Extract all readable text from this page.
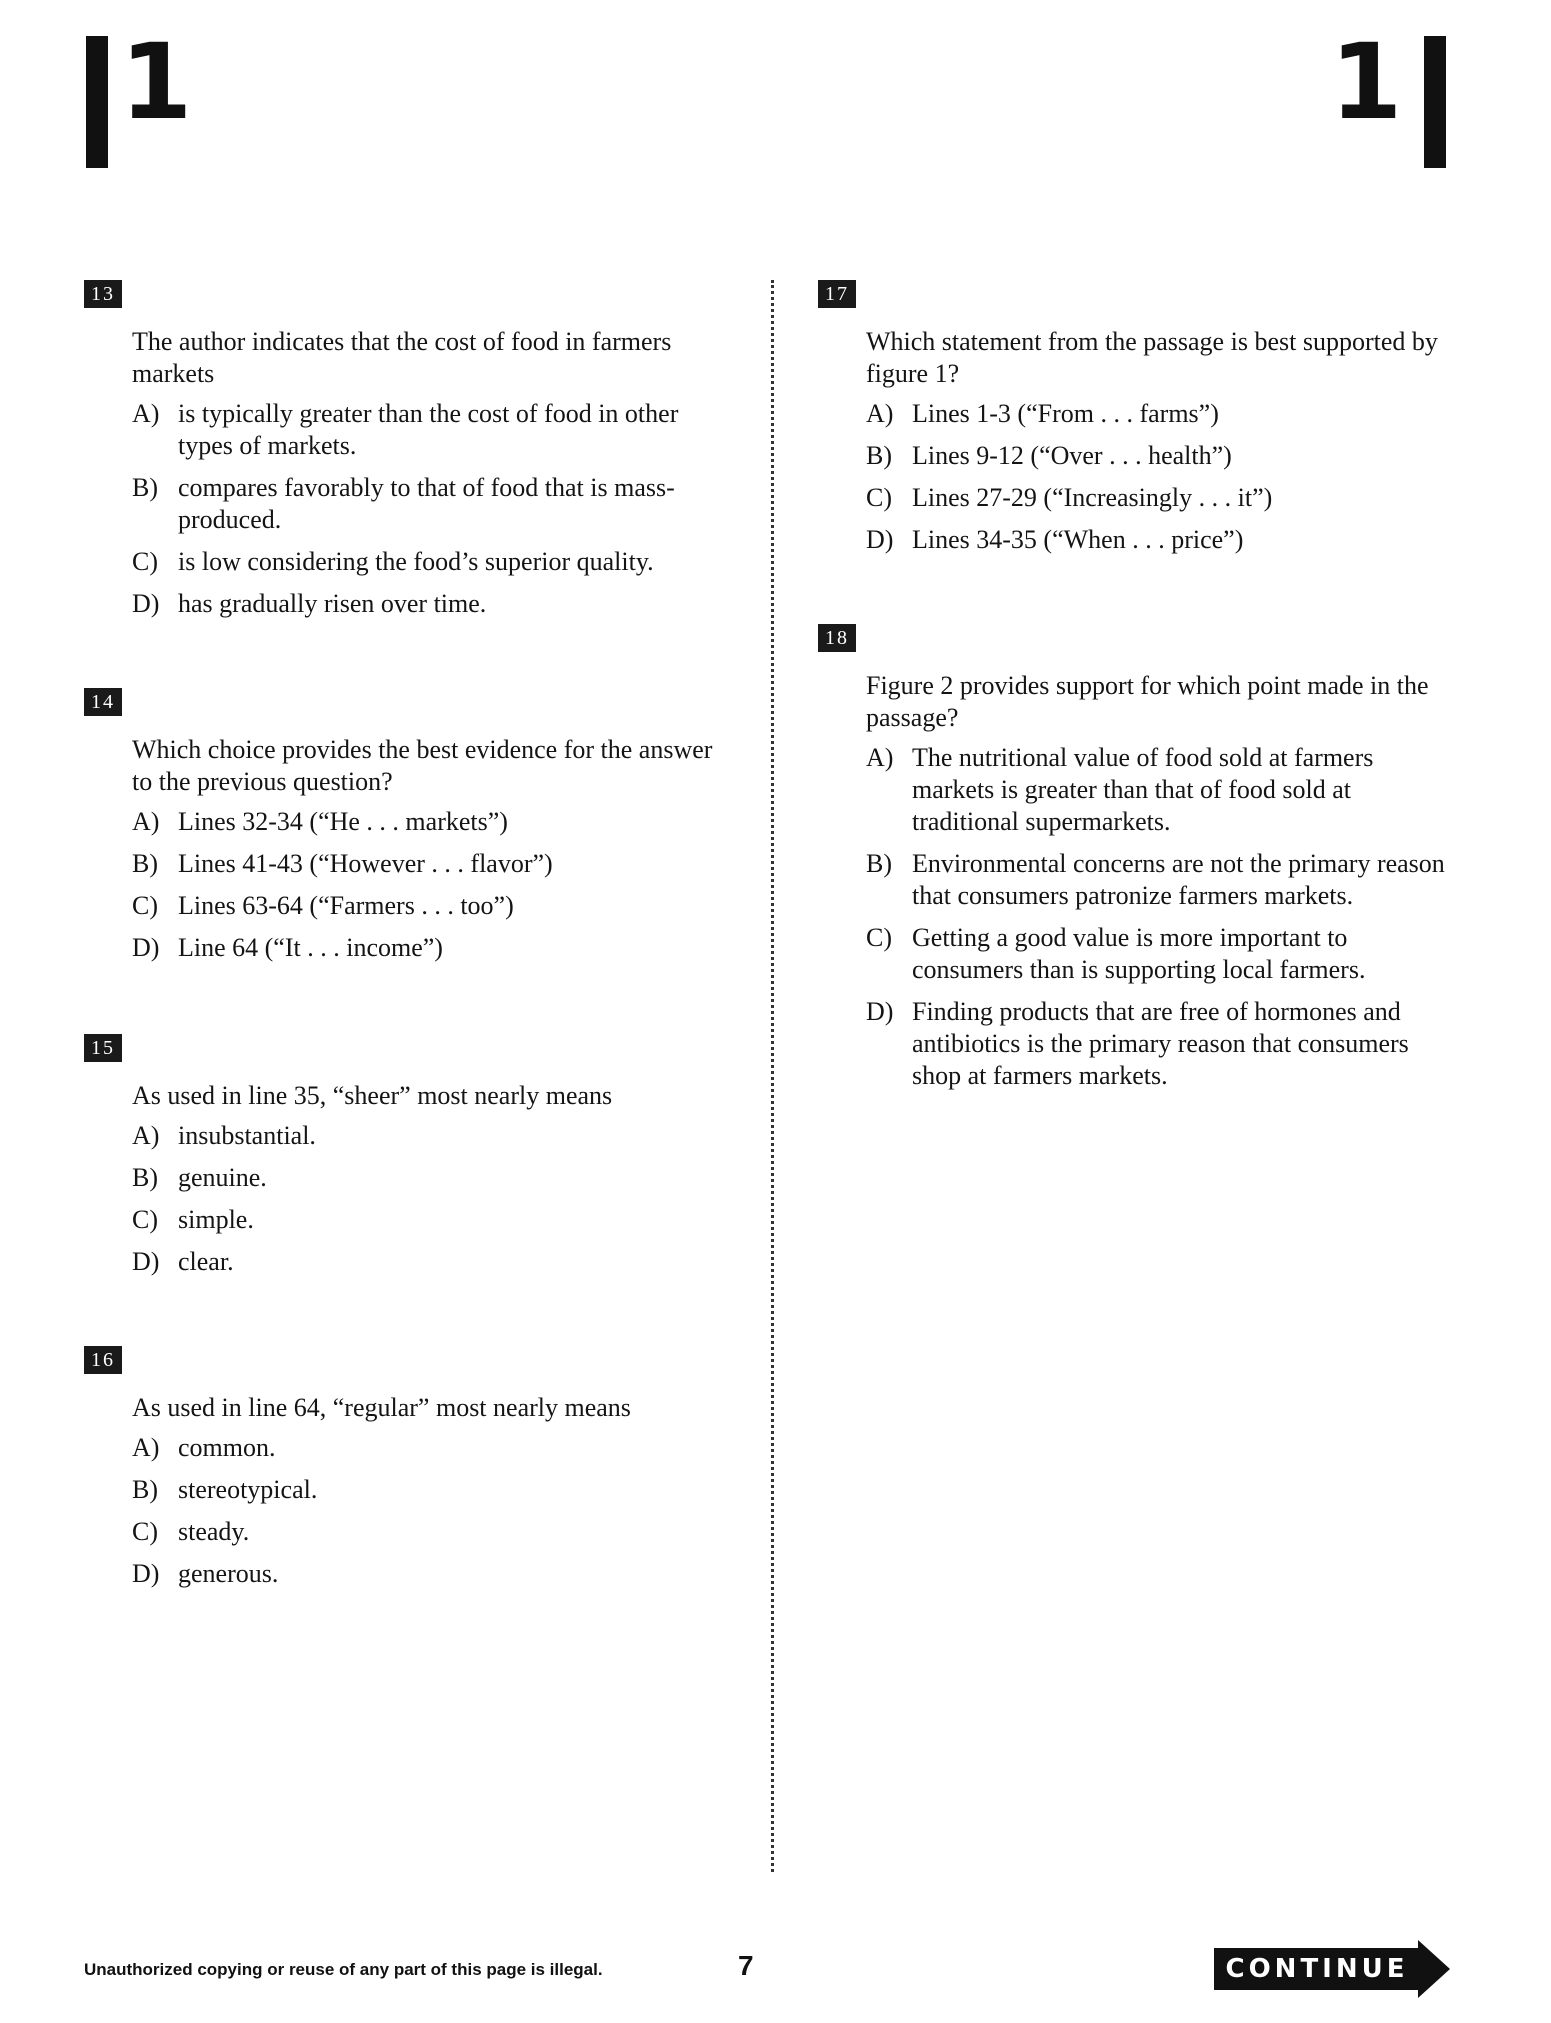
1	1
13
The author indicates that the cost of food in farmers markets
A) is typically greater than the cost of food in other types of markets.
B) compares favorably to that of food that is mass-produced.
C) is low considering the food’s superior quality.
D) has gradually risen over time.
14
Which choice provides the best evidence for the answer to the previous question?
A) Lines 32-34 (“He . . . markets”)
B) Lines 41-43 (“However . . . flavor”)
C) Lines 63-64 (“Farmers . . . too”)
D) Line 64 (“It . . . income”)
15
As used in line 35, “sheer” most nearly means
A) insubstantial.
B) genuine.
C) simple.
D) clear.
16
As used in line 64, “regular” most nearly means
A) common.
B) stereotypical.
C) steady.
D) generous.
17
Which statement from the passage is best supported by figure 1?
A) Lines 1-3 (“From . . . farms”)
B) Lines 9-12 (“Over . . . health”)
C) Lines 27-29 (“Increasingly . . . it”)
D) Lines 34-35 (“When . . . price”)
18
Figure 2 provides support for which point made in the passage?
A) The nutritional value of food sold at farmers markets is greater than that of food sold at traditional supermarkets.
B) Environmental concerns are not the primary reason that consumers patronize farmers markets.
C) Getting a good value is more important to consumers than is supporting local farmers.
D) Finding products that are free of hormones and antibiotics is the primary reason that consumers shop at farmers markets.
Unauthorized copying or reuse of any part of this page is illegal.	7	CONTINUE
